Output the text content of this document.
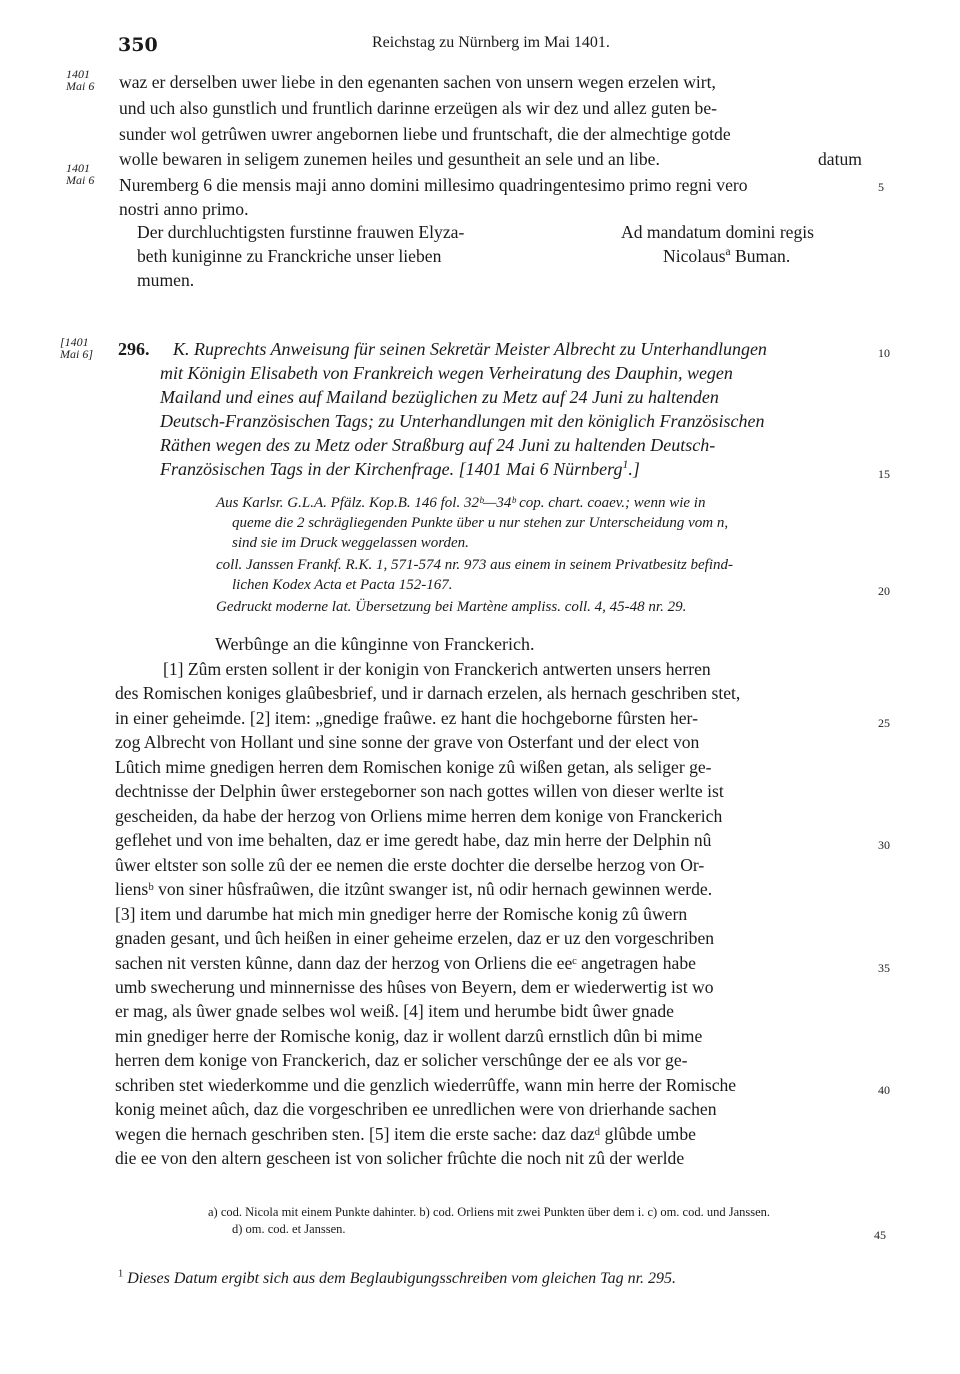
350	Reichstag zu Nürnberg im Mai 1401.
1401
Mai 6
1401
Mai 6
waz er derselben uwer liebe in den egenanten sachen von unsern wegen erzelen wirt,
und uch also gunstlich und fruntlich darinne erzeügen als wir dez und allez guten be-
sunder wol getrûwen uwrer angebornen liebe und fruntschaft, die der almechtige gotde
wolle bewaren in seligem zunemen heiles und gesuntheit an sele und an libe.	datum
Nuremberg 6 die mensis maji anno domini millesimo quadringentesimo primo regni vero
nostri anno primo.
Der durchluchtigsten furstinne frauwen Elyza-
beth kuniginne zu Franckriche unser lieben
mumen.
Ad mandatum domini regis
Nicolaus$^a$ Buman.
[1401
Mai 6] 296. K. Ruprechts Anweisung für seinen Sekretär Meister Albrecht zu Unterhandlungen
mit Königin Elisabeth von Frankreich wegen Verheiratung des Dauphin, wegen
Mailand und eines auf Mailand bezüglichen zu Metz auf 24 Juni zu haltenden
Deutsch-Französischen Tags; zu Unterhandlungen mit den königlich Französischen
Räthen wegen des zu Metz oder Straßburg auf 24 Juni zu haltenden Deutsch-
Französischen Tags in der Kirchenfrage. [1401 Mai 6 Nürnberg$^1$.]
Aus Karlsr. G.L.A. Pfälz. Kop.B. 146 fol. 32ᵇ—34ᵇ cop. chart. coaev.; wenn wie in
queme die 2 schrägliegenden Punkte über u nur stehen zur Unterscheidung vom n,
sind sie im Druck weggelassen worden.
coll. Janssen Frankf. R.K. 1, 571-574 nr. 973 aus einem in seinem Privatbesitz befind-
lichen Kodex Acta et Pacta 152-167.
Gedruckt moderne lat. Übersetzung bei Martène ampliss. coll. 4, 45-48 nr. 29.
Werbûnge an die kûnginne von Franckerich.
[1] Zûm ersten sollent ir der konigin von Franckerich antwerten unsers herren
des Romischen koniges glaûbesbrief, und ir darnach erzelen, als hernach geschriben stet,
in einer geheimde. [2] item: „gnedige fraûwe. ez hant die hochgeborne fûrsten her-
zog Albrecht von Hollant und sine sonne der grave von Osterfant und der elect von
Lûtich mime gnedigen herren dem Romischen konige zû wißen getan, als seliger ge-
dechtnisse der Delphin ûwer erstegeborner son nach gottes willen von dieser werlte ist
gescheiden, da habe der herzog von Orliens mime herren dem konige von Franckerich
geflehet und von ime behalten, daz er ime geredt habe, daz min herre der Delphin nû
ûwer eltster son solle zû der ee nemen die erste dochter die derselbe herzog von Or-
liensᵇ von siner hûsfraûwen, die itzûnt swanger ist, nû odir hernach gewinnen werde.
[3] item und darumbe hat mich min gnediger herre der Romische konig zû ûwern
gnaden gesant, und ûch heißen in einer geheime erzelen, daz er uz den vorgeschriben
sachen nit versten kûnne, dann daz der herzog von Orliens die eeᶜ angetragen habe
umb swecherung und minnernisse des hûses von Beyern, dem er wiederwertig ist wo
er mag, als ûwer gnade selbes wol weiß. [4] item und herumbe bidt ûwer gnade
min gnediger herre der Romische konig, daz ir wollent darzû ernstlich dûn bi mime
herren dem konige von Franckerich, daz er solicher verschûnge der ee als vor ge-
schriben stet wiederkomme und die genzlich wiederrûffe, wann min herre der Romische
konig meinet aûch, daz die vorgeschriben ee unredlichen were von drierhande sachen
wegen die hernach geschriben sten. [5] item die erste sache: daz dazᵈ glûbde umbe
die ee von den altern gescheen ist von solicher frûchte die noch nit zû der werlde
a) cod. Nicola mit einem Punkte dahinter. b) cod. Orliens mit zwei Punkten über dem i. c) om. cod. und Janssen.
d) om. cod. et Janssen.
$^1$ Dieses Datum ergibt sich aus dem Beglaubigungsschreiben vom gleichen Tag nr. 295.
5
10
15
20
25
30
35
40
45
